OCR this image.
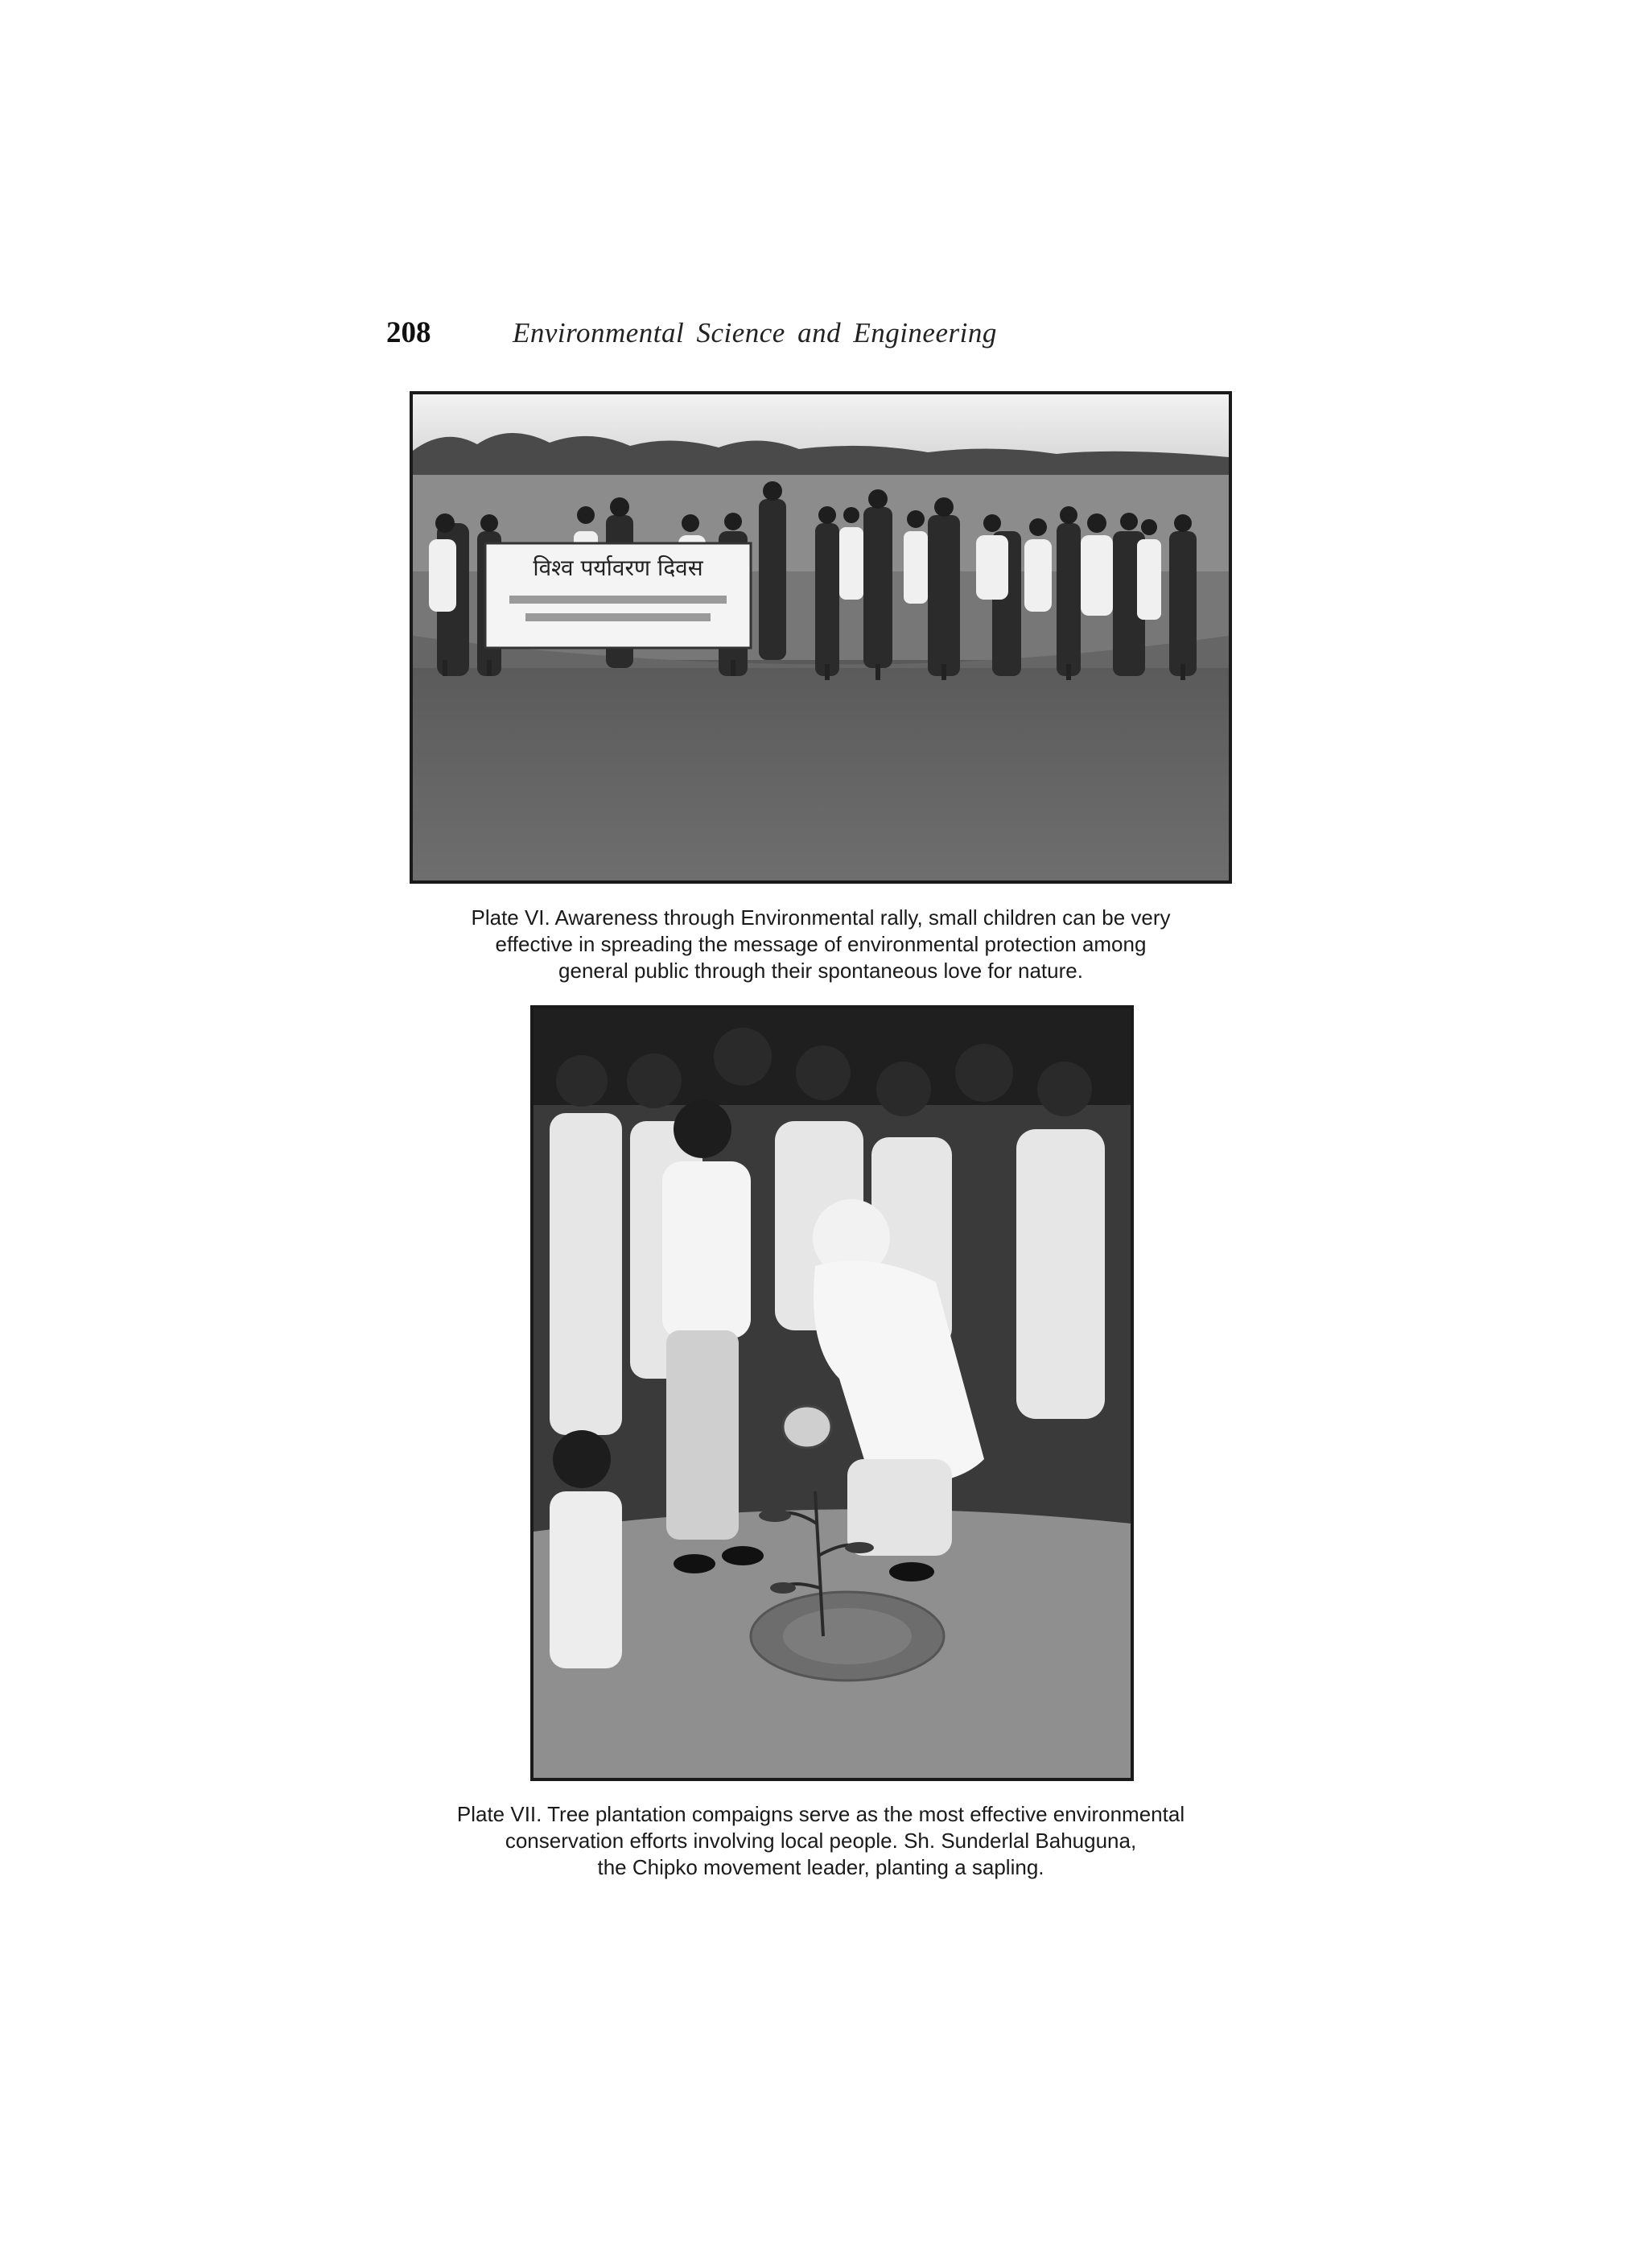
208	Environmental Science and Engineering
विश्व पर्यावरण दिवस
Plate VI. Awareness through Environmental rally, small children can be very
effective in spreading the message of environmental protection among
general public through their spontaneous love for nature.
Plate VII. Tree plantation compaigns serve as the most effective environmental
conservation efforts involving local people. Sh. Sunderlal Bahuguna,
the Chipko movement leader, planting a sapling.
